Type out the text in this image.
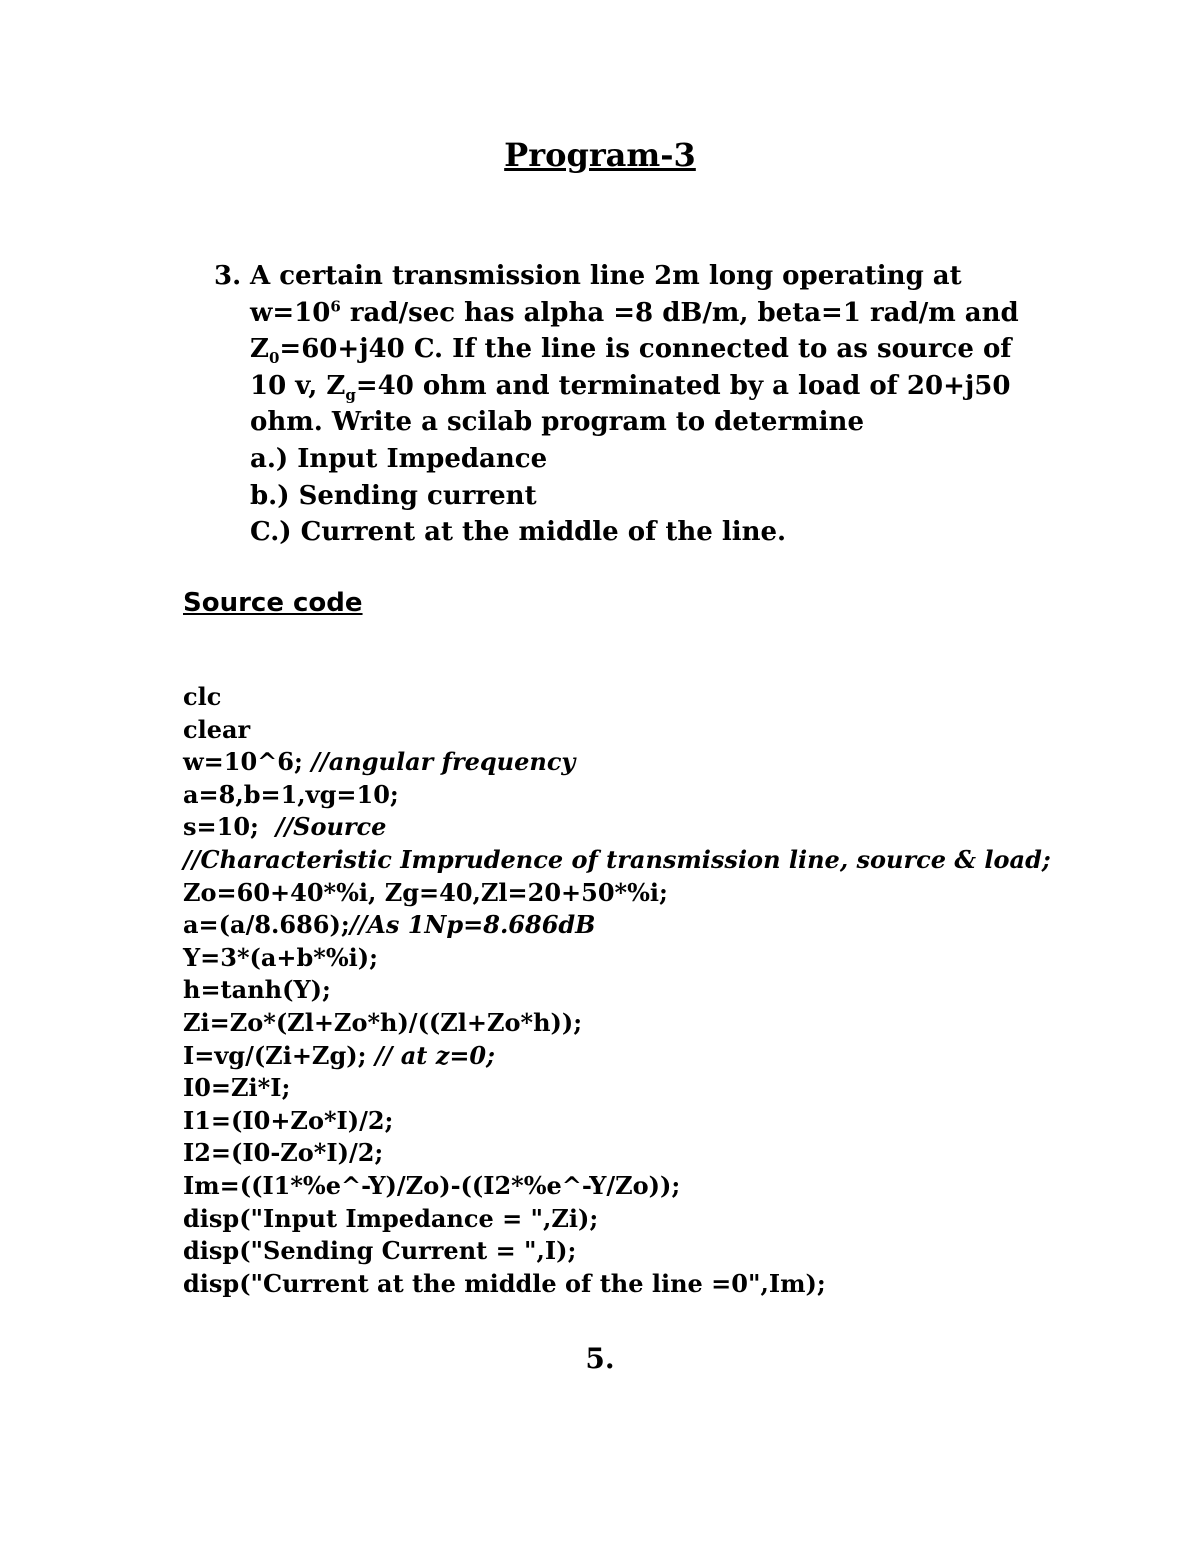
Program-3
3. A certain transmission line 2m long operating at
$w=10^6$ rad/sec has alpha =8 dB/m, beta=1 rad/m and
$Z_0=60+j40$ C. If the line is connected to as source of
10 v, $Z_g=40$ ohm and terminated by a load of 20+j50
ohm. Write a scilab program to determine
a.) Input Impedance
b.) Sending current
C.) Current at the middle of the line.
Source code
clc
clear
w=10^6; //angular frequency
a=8,b=1,vg=10;
s=10;  //Source
//Characteristic Imprudence of transmission line, source & load;
Zo=60+40*%i, Zg=40,Zl=20+50*%i;
a=(a/8.686);//As 1Np=8.686dB
Y=3*(a+b*%i);
h=tanh(Y);
Zi=Zo*(Zl+Zo*h)/((Zl+Zo*h));
I=vg/(Zi+Zg); // at z=0;
I0=Zi*I;
I1=(I0+Zo*I)/2;
I2=(I0-Zo*I)/2;
Im=((I1*%e^-Y)/Zo)-((I2*%e^-Y/Zo));
disp("Input Impedance = ",Zi);
disp("Sending Current = ",I);
disp("Current at the middle of the line =0",Im);
5.
